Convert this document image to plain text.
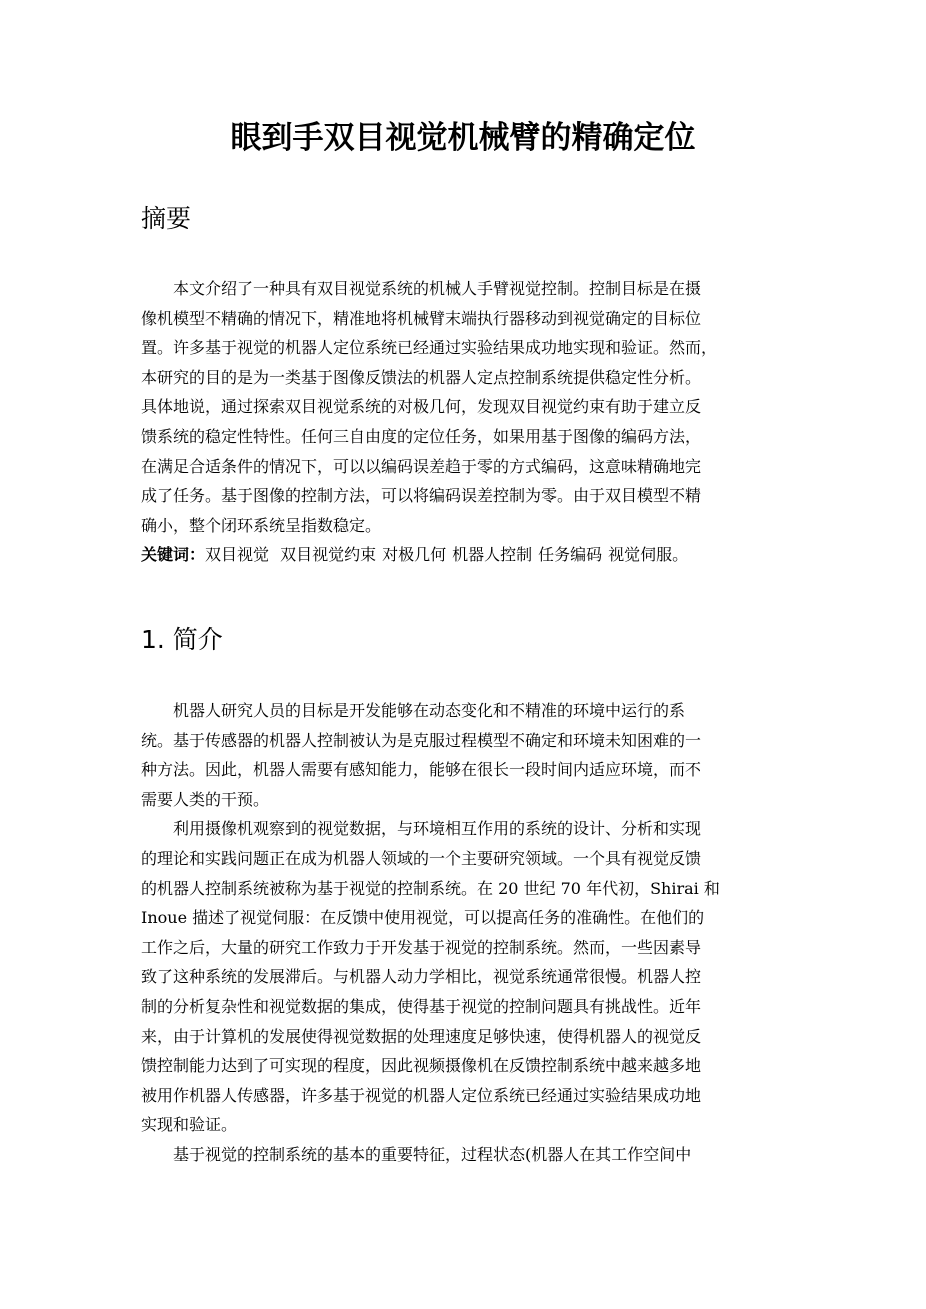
眼到手双目视觉机械臂的精确定位
摘要

本文介绍了一种具有双目视觉系统的机械人手臂视觉控制。控制目标是在摄
像机模型不精确的情况下，精准地将机械臂末端执行器移动到视觉确定的目标位
置。许多基于视觉的机器人定位系统已经通过实验结果成功地实现和验证。然而，
本研究的目的是为一类基于图像反馈法的机器人定点控制系统提供稳定性分析。
具体地说，通过探索双目视觉系统的对极几何，发现双目视觉约束有助于建立反
馈系统的稳定性特性。任何三自由度的定位任务，如果用基于图像的编码方法，
在满足合适条件的情况下，可以以编码误差趋于零的方式编码，这意味精确地完
成了任务。基于图像的控制方法，可以将编码误差控制为零。由于双目模型不精
确小，整个闭环系统呈指数稳定。

关键词：双目视觉 双目视觉约束 对极几何 机器人控制 任务编码 视觉伺服。

1. 简介

机器人研究人员的目标是开发能够在动态变化和不精准的环境中运行的系
统。基于传感器的机器人控制被认为是克服过程模型不确定和环境未知困难的一
种方法。因此，机器人需要有感知能力，能够在很长一段时间内适应环境，而不
需要人类的干预。

利用摄像机观察到的视觉数据，与环境相互作用的系统的设计、分析和实现
的理论和实践问题正在成为机器人领域的一个主要研究领域。一个具有视觉反馈
的机器人控制系统被称为基于视觉的控制系统。在 20 世纪 70 年代初，Shirai 和
Inoue 描述了视觉伺服：在反馈中使用视觉，可以提高任务的准确性。在他们的
工作之后，大量的研究工作致力于开发基于视觉的控制系统。然而，一些因素导
致了这种系统的发展滞后。与机器人动力学相比，视觉系统通常很慢。机器人控
制的分析复杂性和视觉数据的集成，使得基于视觉的控制问题具有挑战性。近年
来，由于计算机的发展使得视觉数据的处理速度足够快速，使得机器人的视觉反
馈控制能力达到了可实现的程度，因此视频摄像机在反馈控制系统中越来越多地
被用作机器人传感器，许多基于视觉的机器人定位系统已经通过实验结果成功地
实现和验证。

基于视觉的控制系统的基本的重要特征，过程状态(机器人在其工作空间中
